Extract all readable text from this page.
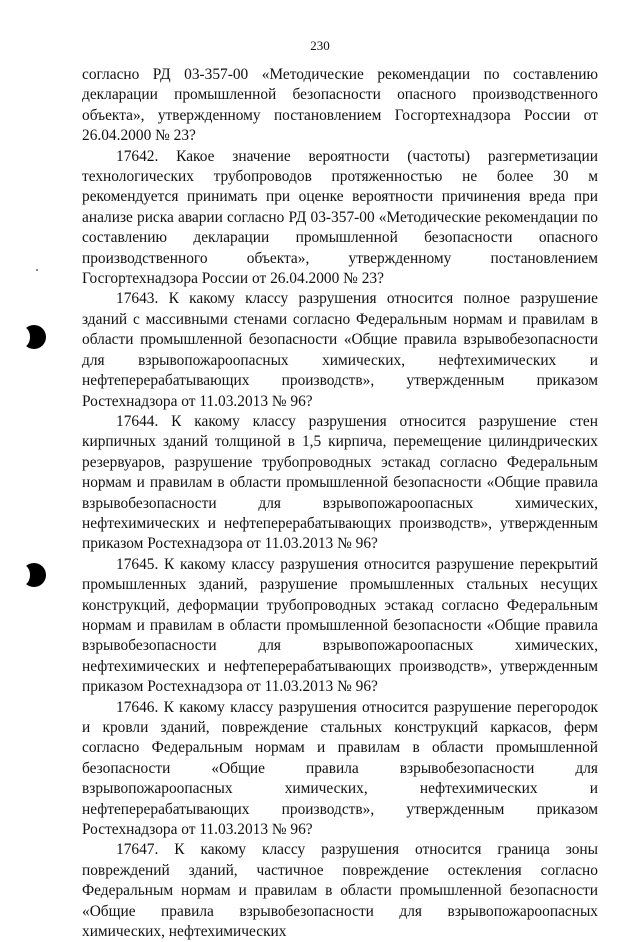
230

согласно РД 03-357-00 «Методические рекомендации по составлению декларации промышленной безопасности опасного производственного объекта», утвержденному постановлением Госгортехнадзора России от 26.04.2000 № 23?

17642. Какое значение вероятности (частоты) разгерметизации технологических трубопроводов протяженностью не более 30 м рекомендуется принимать при оценке вероятности причинения вреда при анализе риска аварии согласно РД 03-357-00 «Методические рекомендации по составлению декларации промышленной безопасности опасного производственного объекта», утвержденному постановлением Госгортехнадзора России от 26.04.2000 № 23?

17643. К какому классу разрушения относится полное разрушение зданий с массивными стенами согласно Федеральным нормам и правилам в области промышленной безопасности «Общие правила взрывобезопасности для взрывопожароопасных химических, нефтехимических и нефтеперерабатывающих производств», утвержденным приказом Ростехнадзора от 11.03.2013 № 96?

17644. К какому классу разрушения относится разрушение стен кирпичных зданий толщиной в 1,5 кирпича, перемещение цилиндрических резервуаров, разрушение трубопроводных эстакад согласно Федеральным нормам и правилам в области промышленной безопасности «Общие правила взрывобезопасности для взрывопожароопасных химических, нефтехимических и нефтеперерабатывающих производств», утвержденным приказом Ростехнадзора от 11.03.2013 № 96?

17645. К какому классу разрушения относится разрушение перекрытий промышленных зданий, разрушение промышленных стальных несущих конструкций, деформации трубопроводных эстакад согласно Федеральным нормам и правилам в области промышленной безопасности «Общие правила взрывобезопасности для взрывопожароопасных химических, нефтехимических и нефтеперерабатывающих производств», утвержденным приказом Ростехнадзора от 11.03.2013 № 96?

17646. К какому классу разрушения относится разрушение перегородок и кровли зданий, повреждение стальных конструкций каркасов, ферм согласно Федеральным нормам и правилам в области промышленной безопасности «Общие правила взрывобезопасности для взрывопожароопасных химических, нефтехимических и нефтеперерабатывающих производств», утвержденным приказом Ростехнадзора от 11.03.2013 № 96?

17647. К какому классу разрушения относится граница зоны повреждений зданий, частичное повреждение остекления согласно Федеральным нормам и правилам в области промышленной безопасности «Общие правила взрывобезопасности для взрывопожароопасных химических, нефтехимических
